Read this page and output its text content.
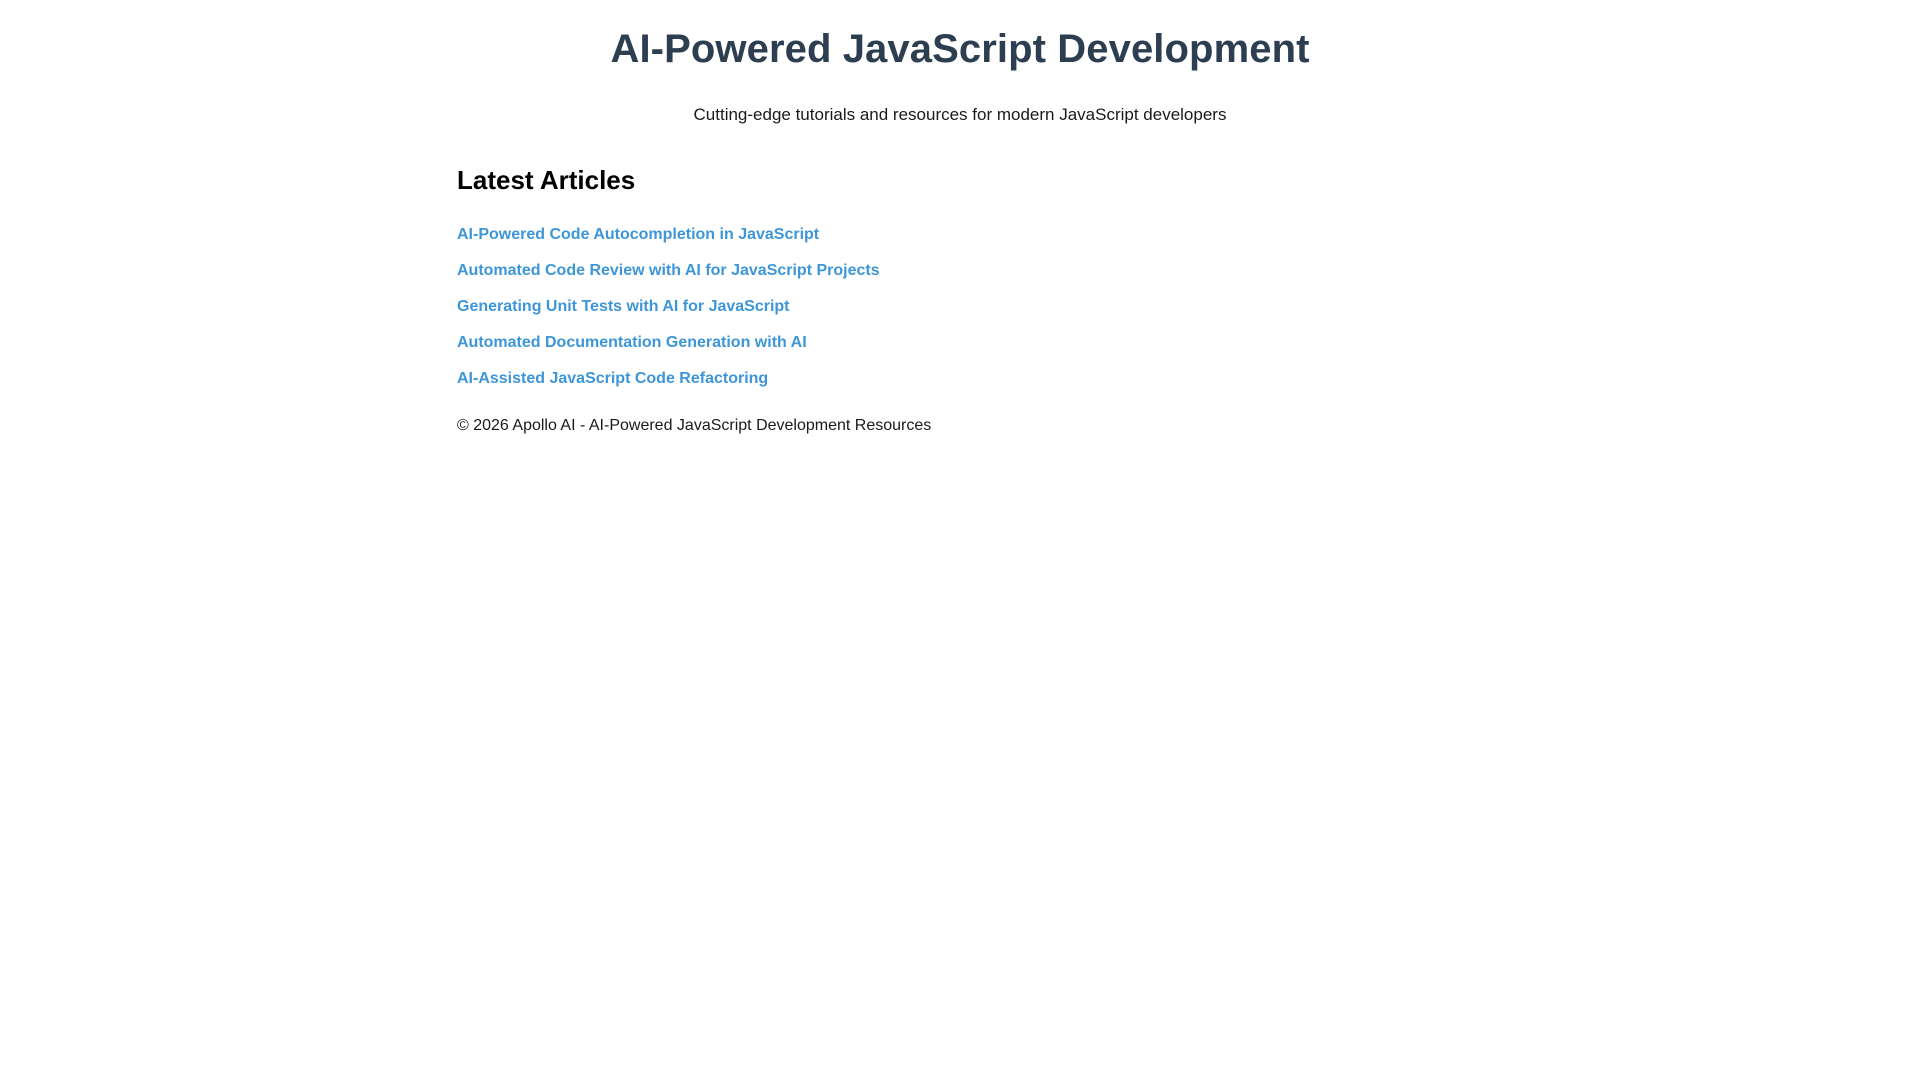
AI-Powered JavaScript Development

Cutting-edge tutorials and resources for modern JavaScript developers

Latest Articles
AI-Powered Code Autocompletion in JavaScript
Automated Code Review with AI for JavaScript Projects
Generating Unit Tests with AI for JavaScript
Automated Documentation Generation with AI
AI-Assisted JavaScript Code Refactoring
© 2026 Apollo AI - AI-Powered JavaScript Development Resources
